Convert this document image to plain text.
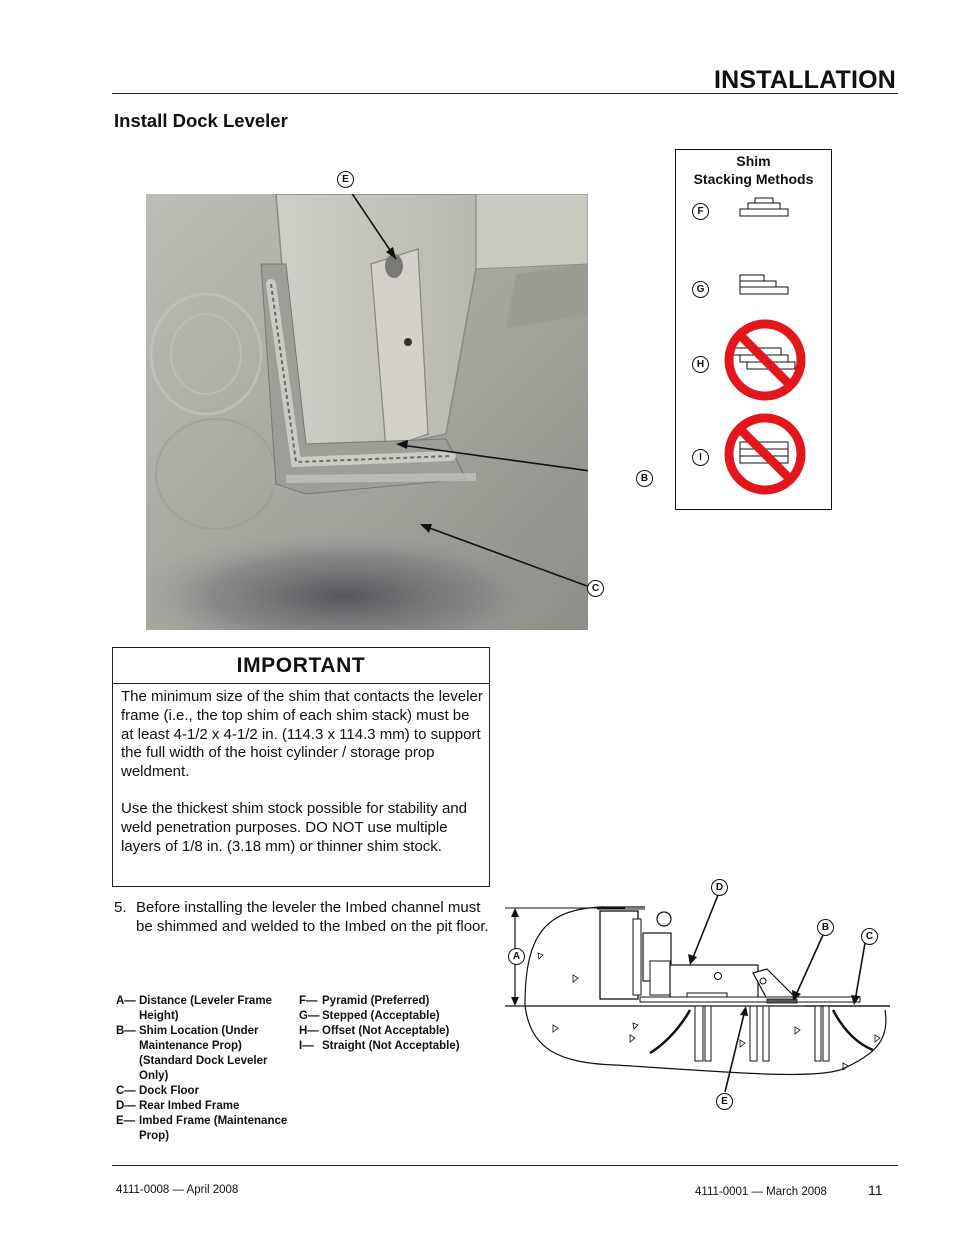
INSTALLATION
Install Dock Leveler
E
B
C
Shim
Stacking Methods
F
G
H
I
IMPORTANT
The minimum size of the shim that contacts the leveler frame (i.e., the top shim of each shim stack) must be at least 4-1/2 x 4-1/2 in. (114.3 x 114.3 mm) to support the full width of the hoist cylinder / storage prop weldment.
Use the thickest shim stock possible for stability and weld penetration purposes. DO NOT use multiple layers of 1/8 in. (3.18 mm) or thinner shim stock.
5. Before installing the leveler the Imbed channel must be shimmed and welded to the Imbed on the pit floor.
A— Distance (Leveler Frame Height)
B— Shim Location (Under Maintenance Prop) (Standard Dock Leveler Only)
C— Dock Floor
D— Rear Imbed Frame
E— Imbed Frame (Maintenance Prop)
F— Pyramid (Preferred)
G— Stepped (Acceptable)
H— Offset (Not Acceptable)
I— Straight (Not Acceptable)
A
D
B
C
E
4111-0008 — April 2008	4111-0001 — March 2008	11
